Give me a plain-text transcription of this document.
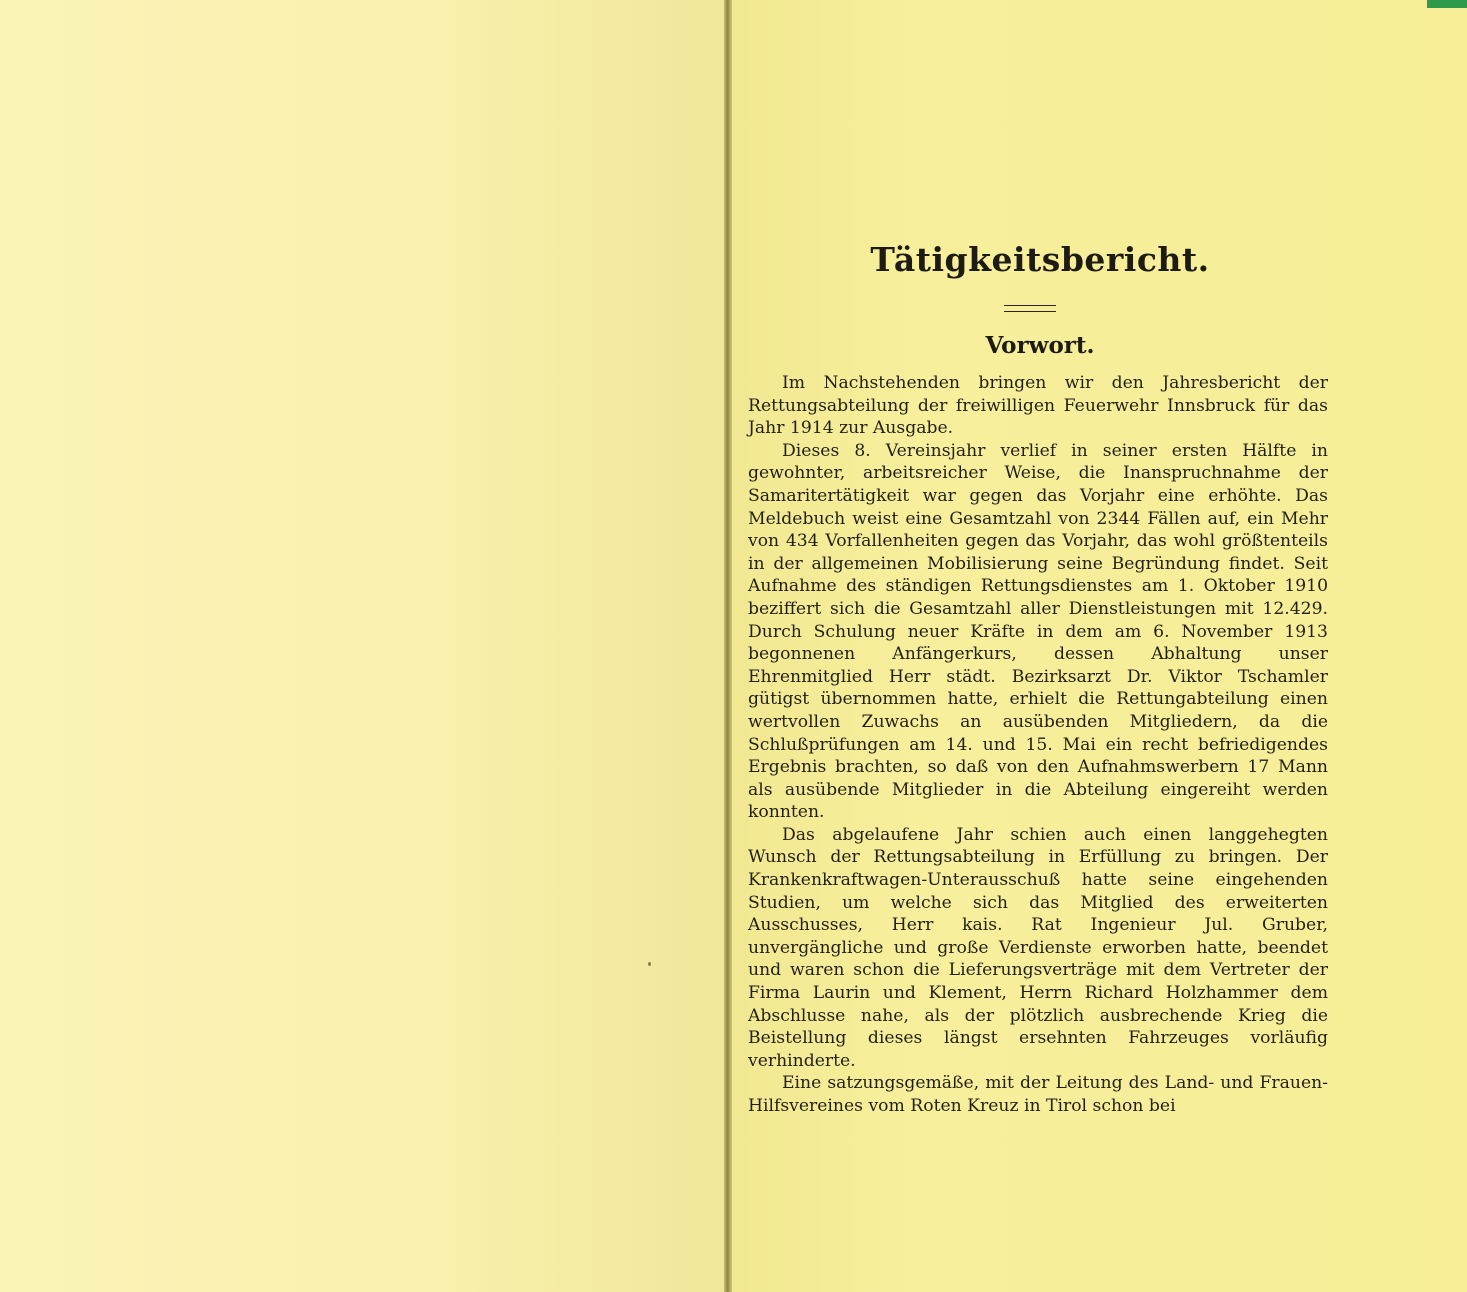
Tätigkeitsbericht.
Vorwort.

Im Nachstehenden bringen wir den Jahresbericht der Rettungsabteilung der freiwilligen Feuerwehr Innsbruck für das Jahr 1914 zur Ausgabe.

Dieses 8. Vereinsjahr verlief in seiner ersten Hälfte in gewohnter, arbeitsreicher Weise, die Inanspruchnahme der Samaritertätigkeit war gegen das Vorjahr eine erhöhte. Das Meldebuch weist eine Gesamtzahl von 2344 Fällen auf, ein Mehr von 434 Vorfallenheiten gegen das Vorjahr, das wohl größtenteils in der allgemeinen Mobilisierung seine Begründung findet. Seit Aufnahme des ständigen Rettungsdienstes am 1. Oktober 1910 beziffert sich die Gesamtzahl aller Dienstleistungen mit 12.429. Durch Schulung neuer Kräfte in dem am 6. November 1913 begonnenen Anfängerkurs, dessen Abhaltung unser Ehrenmitglied Herr städt. Bezirksarzt Dr. Viktor Tschamler gütigst übernommen hatte, erhielt die Rettungabteilung einen wertvollen Zuwachs an ausübenden Mitgliedern, da die Schlußprüfungen am 14. und 15. Mai ein recht befriedigendes Ergebnis brachten, so daß von den Aufnahmswerbern 17 Mann als ausübende Mitglieder in die Abteilung eingereiht werden konnten.

Das abgelaufene Jahr schien auch einen langgehegten Wunsch der Rettungsabteilung in Erfüllung zu bringen. Der Krankenkraftwagen-Unterausschuß hatte seine eingehenden Studien, um welche sich das Mitglied des erweiterten Ausschusses, Herr kais. Rat Ingenieur Jul. Gruber, unvergängliche und große Verdienste erworben hatte, beendet und waren schon die Lieferungsverträge mit dem Vertreter der Firma Laurin und Klement, Herrn Richard Holzhammer dem Abschlusse nahe, als der plötzlich ausbrechende Krieg die Beistellung dieses längst ersehnten Fahrzeuges vorläufig verhinderte.

Eine satzungsgemäße, mit der Leitung des Land- und Frauen-Hilfsvereines vom Roten Kreuz in Tirol schon bei
